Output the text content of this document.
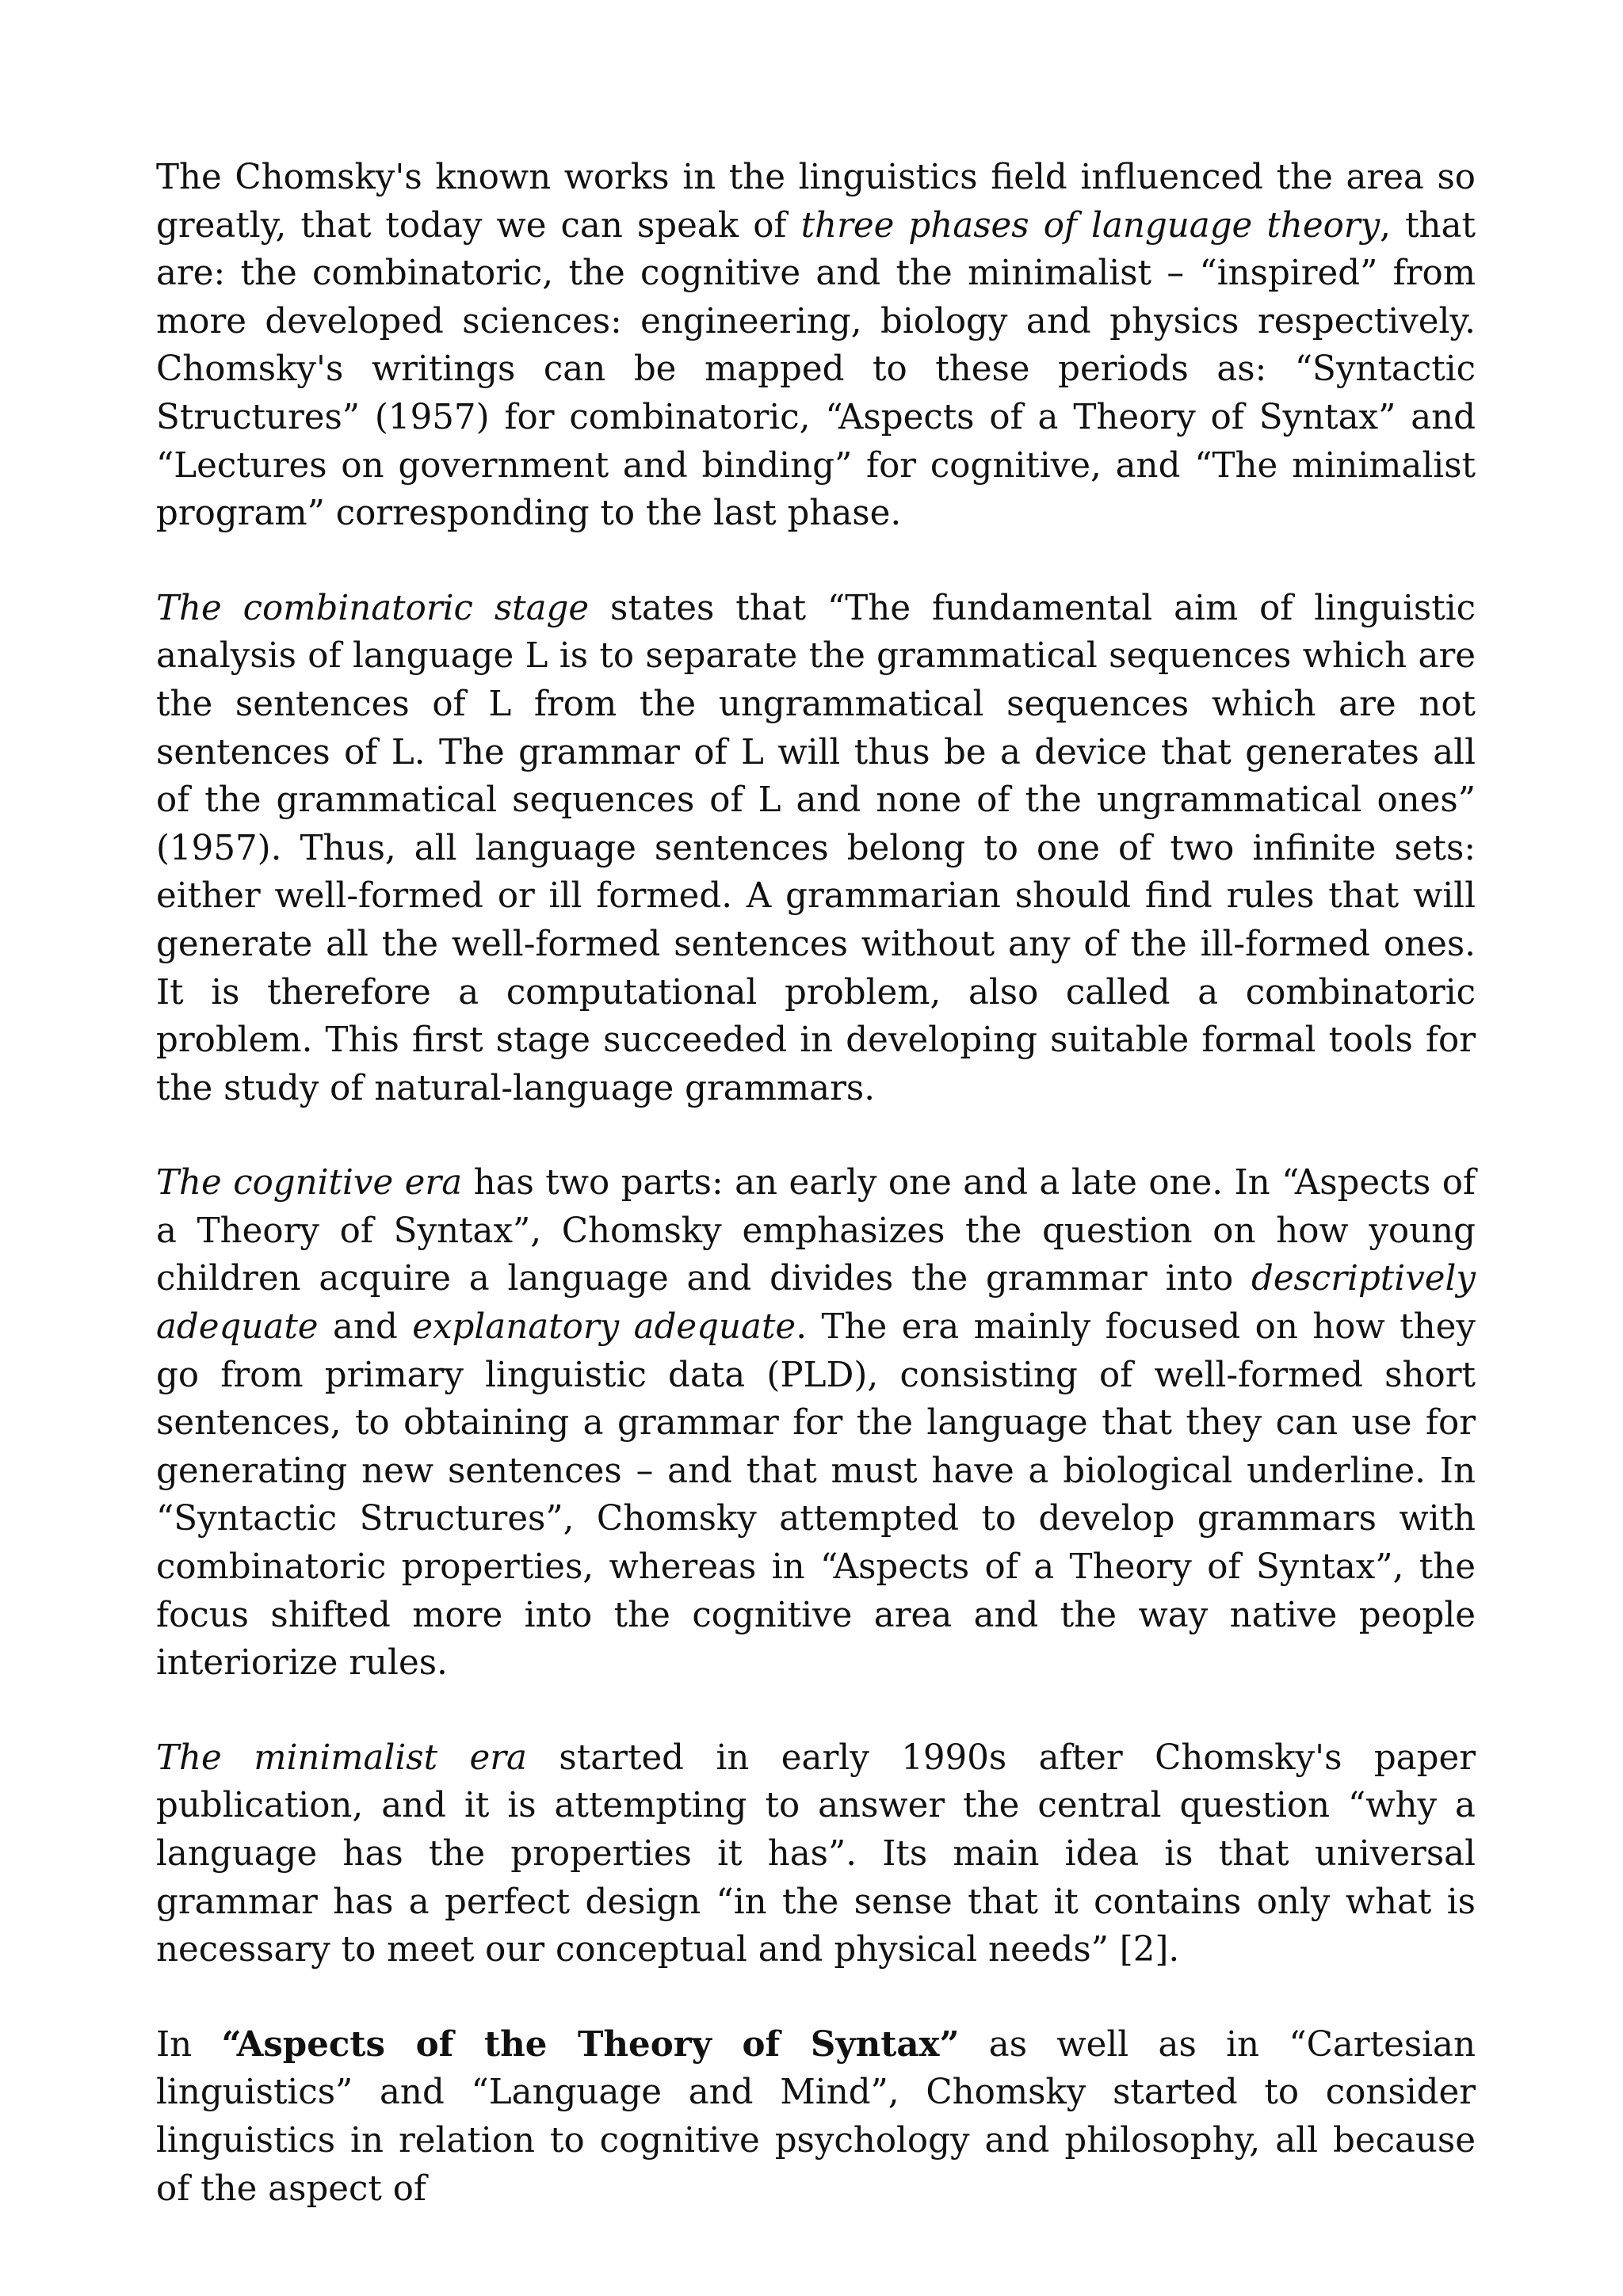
The Chomsky's known works in the linguistics field influenced the area so greatly, that today we can speak of three phases of language theory, that are: the combinatoric, the cognitive and the minimalist – “inspired” from more developed sciences: engineering, biology and physics respectively. Chomsky's writings can be mapped to these periods as: “Syntactic Structures” (1957) for combinatoric, “Aspects of a Theory of Syntax” and “Lectures on government and binding” for cognitive, and “The minimalist program” corresponding to the last phase.

The combinatoric stage states that “The fundamental aim of linguistic analysis of language L is to separate the grammatical sequences which are the sentences of L from the ungrammatical sequences which are not sentences of L. The grammar of L will thus be a device that generates all of the grammatical sequences of L and none of the ungrammatical ones” (1957). Thus, all language sentences belong to one of two infinite sets: either well-formed or ill formed. A grammarian should find rules that will generate all the well-formed sentences without any of the ill-formed ones. It is therefore a computational problem, also called a combinatoric problem. This first stage succeeded in developing suitable formal tools for the study of natural-language grammars.

The cognitive era has two parts: an early one and a late one. In “Aspects of a Theory of Syntax”, Chomsky emphasizes the question on how young children acquire a language and divides the grammar into descriptively adequate and explanatory adequate. The era mainly focused on how they go from primary linguistic data (PLD), consisting of well-formed short sentences, to obtaining a grammar for the language that they can use for generating new sentences – and that must have a biological underline. In “Syntactic Structures”, Chomsky attempted to develop grammars with combinatoric properties, whereas in “Aspects of a Theory of Syntax”, the focus shifted more into the cognitive area and the way native people interiorize rules.

The minimalist era started in early 1990s after Chomsky's paper publication, and it is attempting to answer the central question “why a language has the properties it has”. Its main idea is that universal grammar has a perfect design “in the sense that it contains only what is necessary to meet our conceptual and physical needs” [2].

In “Aspects of the Theory of Syntax” as well as in “Cartesian linguistics” and “Language and Mind”, Chomsky started to consider linguistics in relation to cognitive psychology and philosophy, all because of the aspect of
